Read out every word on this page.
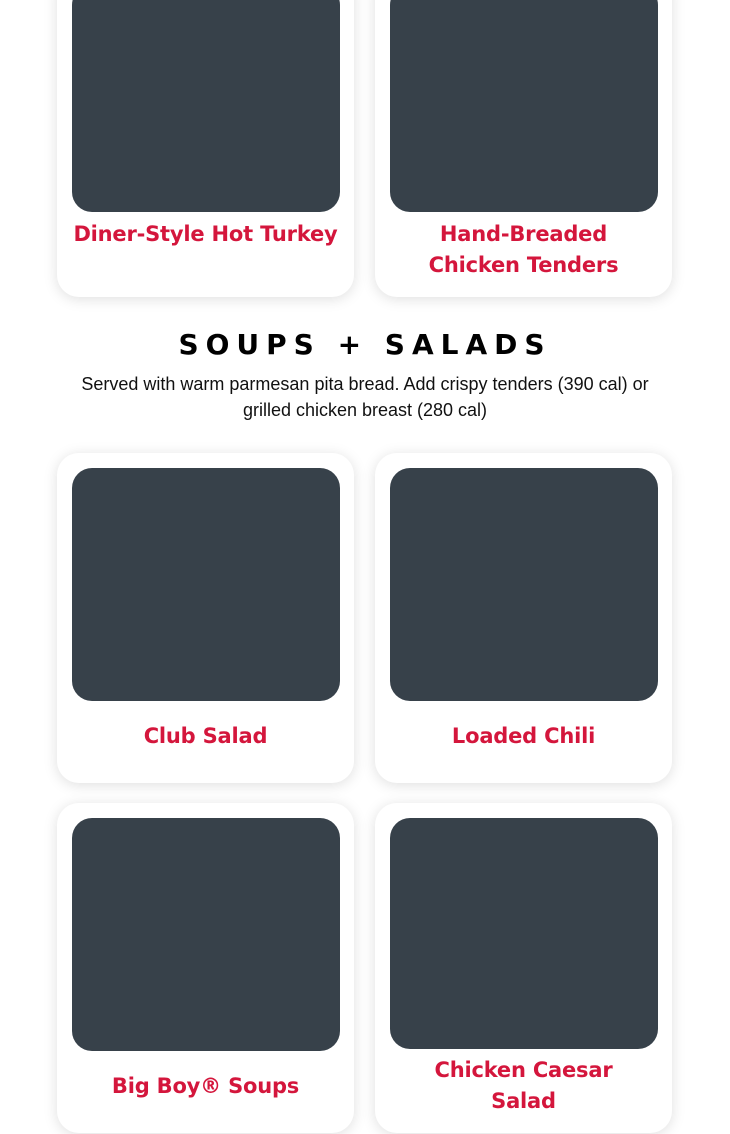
Diner-Style Hot Turkey	Hand-Breaded Chicken Tenders
SOUPS + SALADS
Served with warm parmesan pita bread. Add crispy tenders (390 cal) or grilled chicken breast (280 cal)
Club Salad	Loaded Chili
Big Boy® Soups
Chicken Caesar Salad
